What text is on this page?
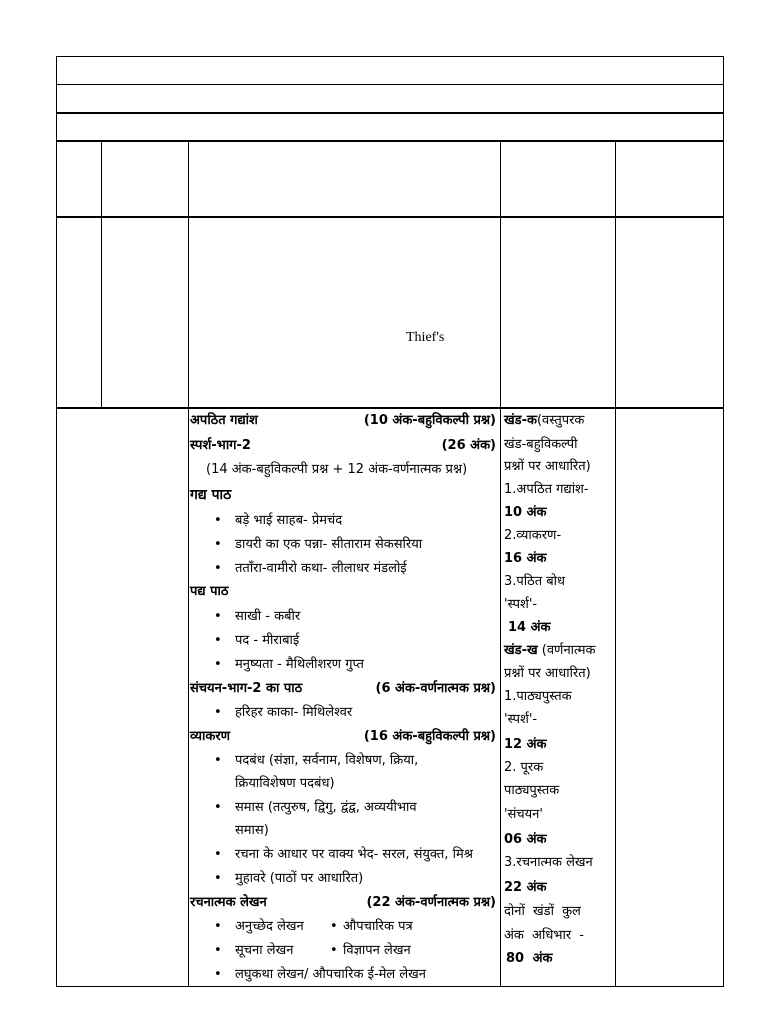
Thief's
अपठित गद्यांश	(10 अंक-बहुविकल्पी प्रश्न)
स्पर्श-भाग-2	(26 अंक)
(14 अंक-बहुविकल्पी प्रश्न + 12 अंक-वर्णनात्मक प्रश्न)
गद्य पाठ
• बड़े भाई साहब- प्रेमचंद
• डायरी का एक पन्ना- सीताराम सेकसरिया
• तताँरा-वामीरो कथा- लीलाधर मंडलोई
पद्य पाठ
• साखी - कबीर
• पद - मीराबाई
• मनुष्यता - मैथिलीशरण गुप्त
संचयन-भाग-2 का पाठ	(6 अंक-वर्णनात्मक प्रश्न)
• हरिहर काका- मिथिलेश्वर
व्याकरण	(16 अंक-बहुविकल्पी प्रश्न)
• पदबंध (संज्ञा, सर्वनाम, विशेषण, क्रिया,
क्रियाविशेषण पदबंध)
• समास (तत्पुरुष, द्विगु, द्वंद्व, अव्ययीभाव
समास)
• रचना के आधार पर वाक्य भेद- सरल, संयुक्त, मिश्र
• मुहावरे (पाठों पर आधारित)
रचनात्मक लेखन	(22 अंक-वर्णनात्मक प्रश्न)
• अनुच्छेद लेखन • औपचारिक पत्र
• सूचना लेखन	• विज्ञापन लेखन
• लघुकथा लेखन/ औपचारिक ई-मेल लेखन
खंड-क(वस्तुपरक
खंड-बहुविकल्पी
प्रश्नों पर आधारित)
1.अपठित गद्यांश-
10 अंक
2.व्याकरण-
16 अंक
3.पठित बोध
'स्पर्श'-
14 अंक
खंड-ख (वर्णनात्मक
प्रश्नों पर आधारित)
1.पाठ्यपुस्तक
'स्पर्श'-
12 अंक
2. पूरक
पाठ्यपुस्तक
'संचयन'
06 अंक
3.रचनात्मक लेखन
22 अंक
दोनों खंडों कुल
अंक अधिभार -
80 अंक
